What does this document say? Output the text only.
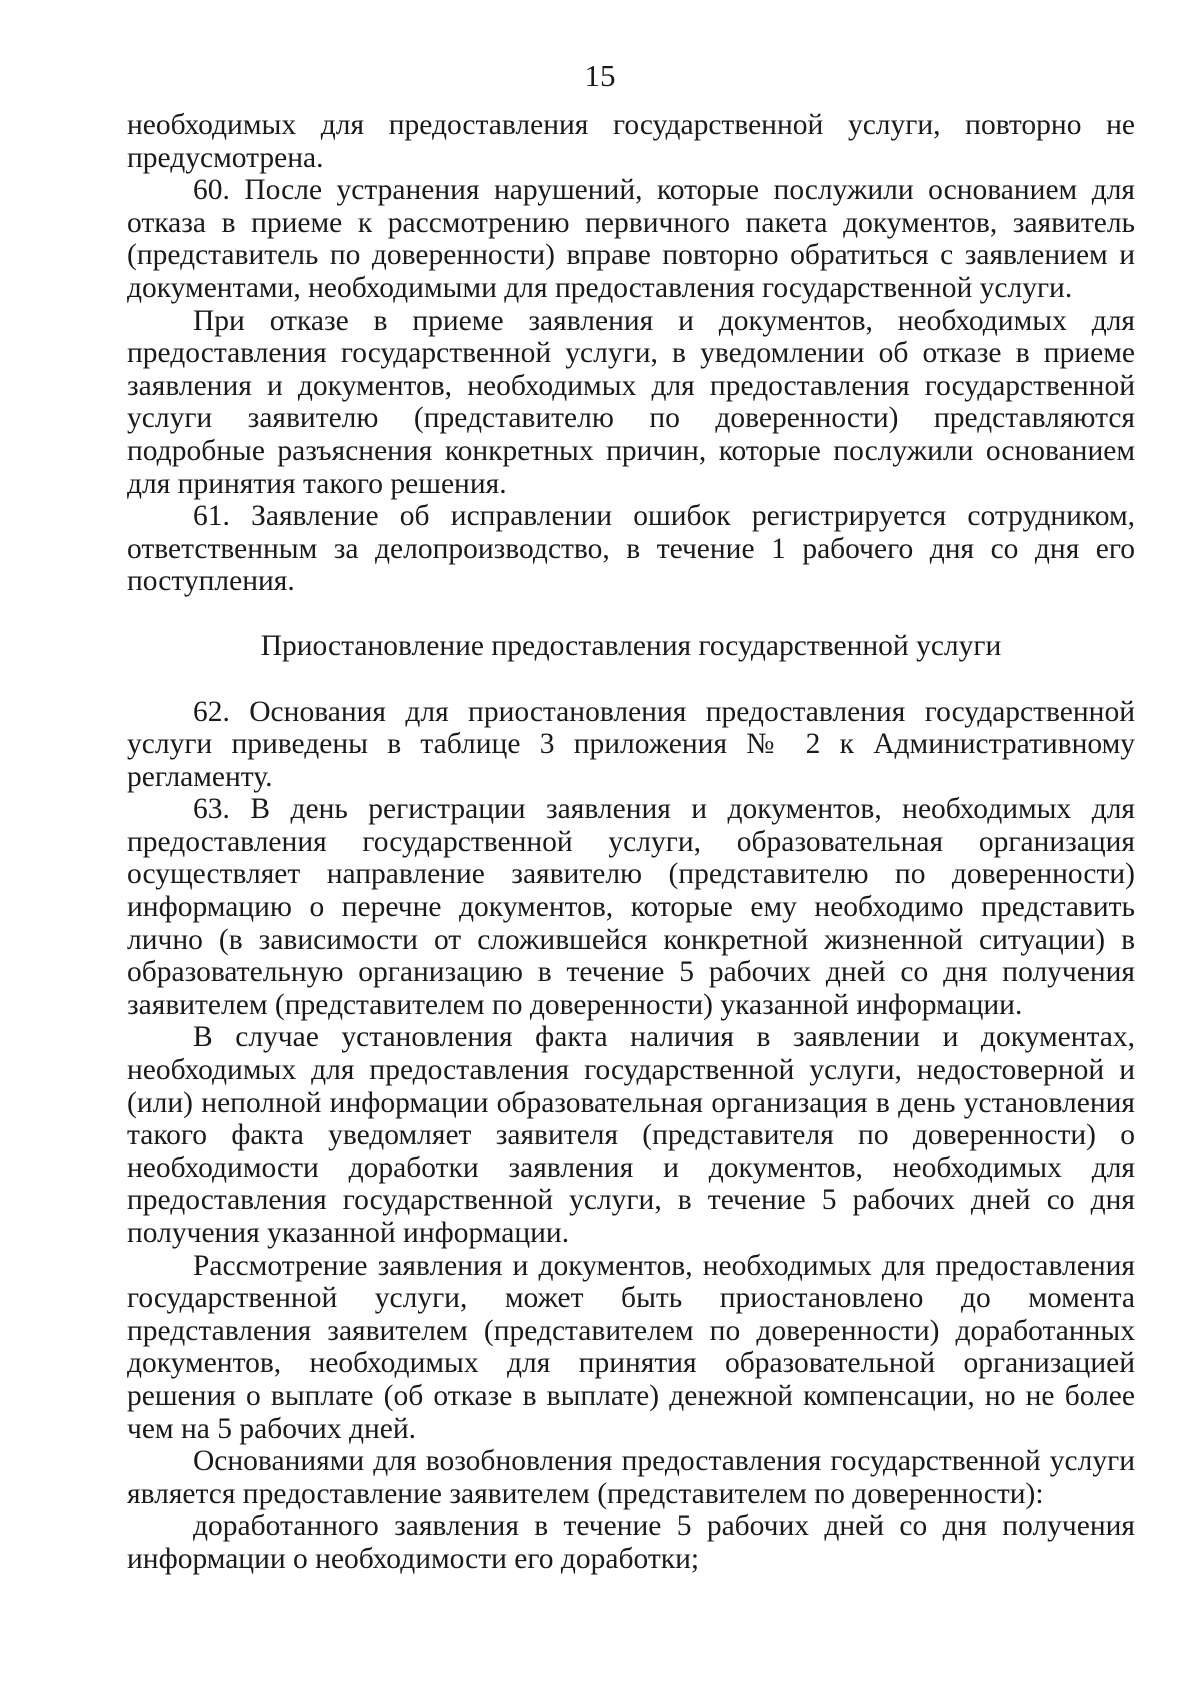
15

необходимых для предоставления государственной услуги, повторно не предусмотрена.

60. После устранения нарушений, которые послужили основанием для отказа в приеме к рассмотрению первичного пакета документов, заявитель (представитель по доверенности) вправе повторно обратиться с заявлением и документами, необходимыми для предоставления государственной услуги.

При отказе в приеме заявления и документов, необходимых для предоставления государственной услуги, в уведомлении об отказе в приеме заявления и документов, необходимых для предоставления государственной услуги заявителю (представителю по доверенности) представляются подробные разъяснения конкретных причин, которые послужили основанием для принятия такого решения.

61. Заявление об исправлении ошибок регистрируется сотрудником, ответственным за делопроизводство, в течение 1 рабочего дня со дня его поступления.

Приостановление предоставления государственной услуги

62. Основания для приостановления предоставления государственной услуги приведены в таблице 3 приложения № 2 к Административному регламенту.

63. В день регистрации заявления и документов, необходимых для предоставления государственной услуги, образовательная организация осуществляет направление заявителю (представителю по доверенности) информацию о перечне документов, которые ему необходимо представить лично (в зависимости от сложившейся конкретной жизненной ситуации) в образовательную организацию в течение 5 рабочих дней со дня получения заявителем (представителем по доверенности) указанной информации.

В случае установления факта наличия в заявлении и документах, необходимых для предоставления государственной услуги, недостоверной и (или) неполной информации образовательная организация в день установления такого факта уведомляет заявителя (представителя по доверенности) о необходимости доработки заявления и документов, необходимых для предоставления государственной услуги, в течение 5 рабочих дней со дня получения указанной информации.

Рассмотрение заявления и документов, необходимых для предоставления государственной услуги, может быть приостановлено до момента представления заявителем (представителем по доверенности) доработанных документов, необходимых для принятия образовательной организацией решения о выплате (об отказе в выплате) денежной компенсации, но не более чем на 5 рабочих дней.

Основаниями для возобновления предоставления государственной услуги является предоставление заявителем (представителем по доверенности):

доработанного заявления в течение 5 рабочих дней со дня получения информации о необходимости его доработки;
